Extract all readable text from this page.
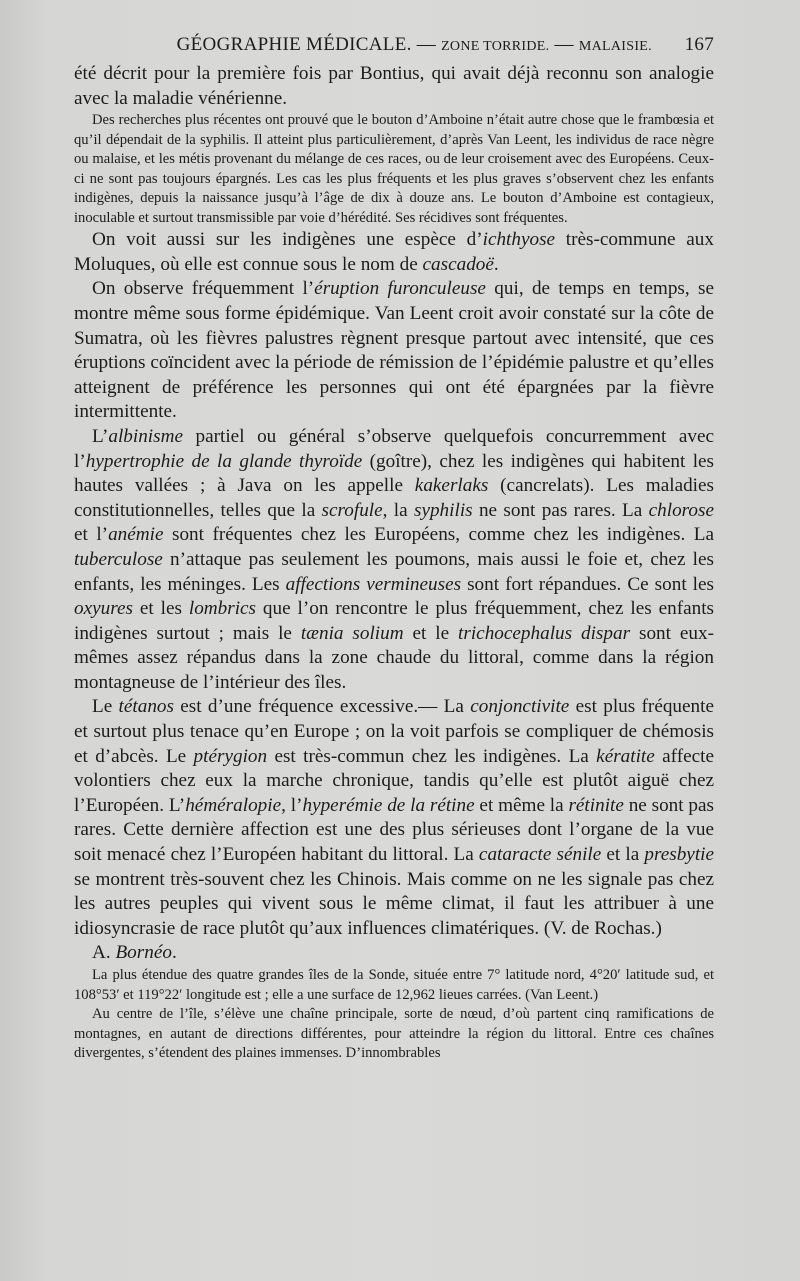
GÉOGRAPHIE MÉDICALE. — ZONE TORRIDE. — MALAISIE.	167

été décrit pour la première fois par Bontius, qui avait déjà reconnu son analogie avec la maladie vénérienne.

Des recherches plus récentes ont prouvé que le bouton d’Amboine n’était autre chose que le frambœsia et qu’il dépendait de la syphilis. Il atteint plus particulièrement, d’après Van Leent, les individus de race nègre ou malaise, et les métis provenant du mélange de ces races, ou de leur croisement avec des Européens. Ceux-ci ne sont pas toujours épargnés. Les cas les plus fréquents et les plus graves s’observent chez les enfants indigènes, depuis la naissance jusqu’à l’âge de dix à douze ans. Le bouton d’Amboine est contagieux, inoculable et surtout transmissible par voie d’hérédité. Ses récidives sont fréquentes.

On voit aussi sur les indigènes une espèce d’ichthyose très-commune aux Moluques, où elle est connue sous le nom de cascadoë.

On observe fréquemment l’éruption furonculeuse qui, de temps en temps, se montre même sous forme épidémique. Van Leent croit avoir constaté sur la côte de Sumatra, où les fièvres palustres règnent presque partout avec intensité, que ces éruptions coïncident avec la période de rémission de l’épidémie palustre et qu’elles atteignent de préférence les personnes qui ont été épargnées par la fièvre intermittente.

L’albinisme partiel ou général s’observe quelquefois concurremment avec l’hypertrophie de la glande thyroïde (goître), chez les indigènes qui habitent les hautes vallées ; à Java on les appelle kakerlaks (cancrelats). Les maladies constitutionnelles, telles que la scrofule, la syphilis ne sont pas rares. La chlorose et l’anémie sont fréquentes chez les Européens, comme chez les indigènes. La tuberculose n’attaque pas seulement les poumons, mais aussi le foie et, chez les enfants, les méninges. Les affections vermineuses sont fort répandues. Ce sont les oxyures et les lombrics que l’on rencontre le plus fréquemment, chez les enfants indigènes surtout ; mais le tænia solium et le trichocephalus dispar sont eux-mêmes assez répandus dans la zone chaude du littoral, comme dans la région montagneuse de l’intérieur des îles.

Le tétanos est d’une fréquence excessive.— La conjonctivite est plus fréquente et surtout plus tenace qu’en Europe ; on la voit parfois se compliquer de chémosis et d’abcès. Le ptérygion est très-commun chez les indigènes. La kératite affecte volontiers chez eux la marche chronique, tandis qu’elle est plutôt aiguë chez l’Européen. L’héméralopie, l’hyperémie de la rétine et même la rétinite ne sont pas rares. Cette dernière affection est une des plus sérieuses dont l’organe de la vue soit menacé chez l’Européen habitant du littoral. La cataracte sénile et la presbytie se montrent très-souvent chez les Chinois. Mais comme on ne les signale pas chez les autres peuples qui vivent sous le même climat, il faut les attribuer à une idiosyncrasie de race plutôt qu’aux influences climatériques. (V. de Rochas.)

A. Bornéo.

La plus étendue des quatre grandes îles de la Sonde, située entre 7° latitude nord, 4°20′ latitude sud, et 108°53′ et 119°22′ longitude est ; elle a une surface de 12,962 lieues carrées. (Van Leent.)

Au centre de l’île, s’élève une chaîne principale, sorte de nœud, d’où partent cinq ramifications de montagnes, en autant de directions différentes, pour atteindre la région du littoral. Entre ces chaînes divergentes, s’étendent des plaines immenses. D’innombrables
